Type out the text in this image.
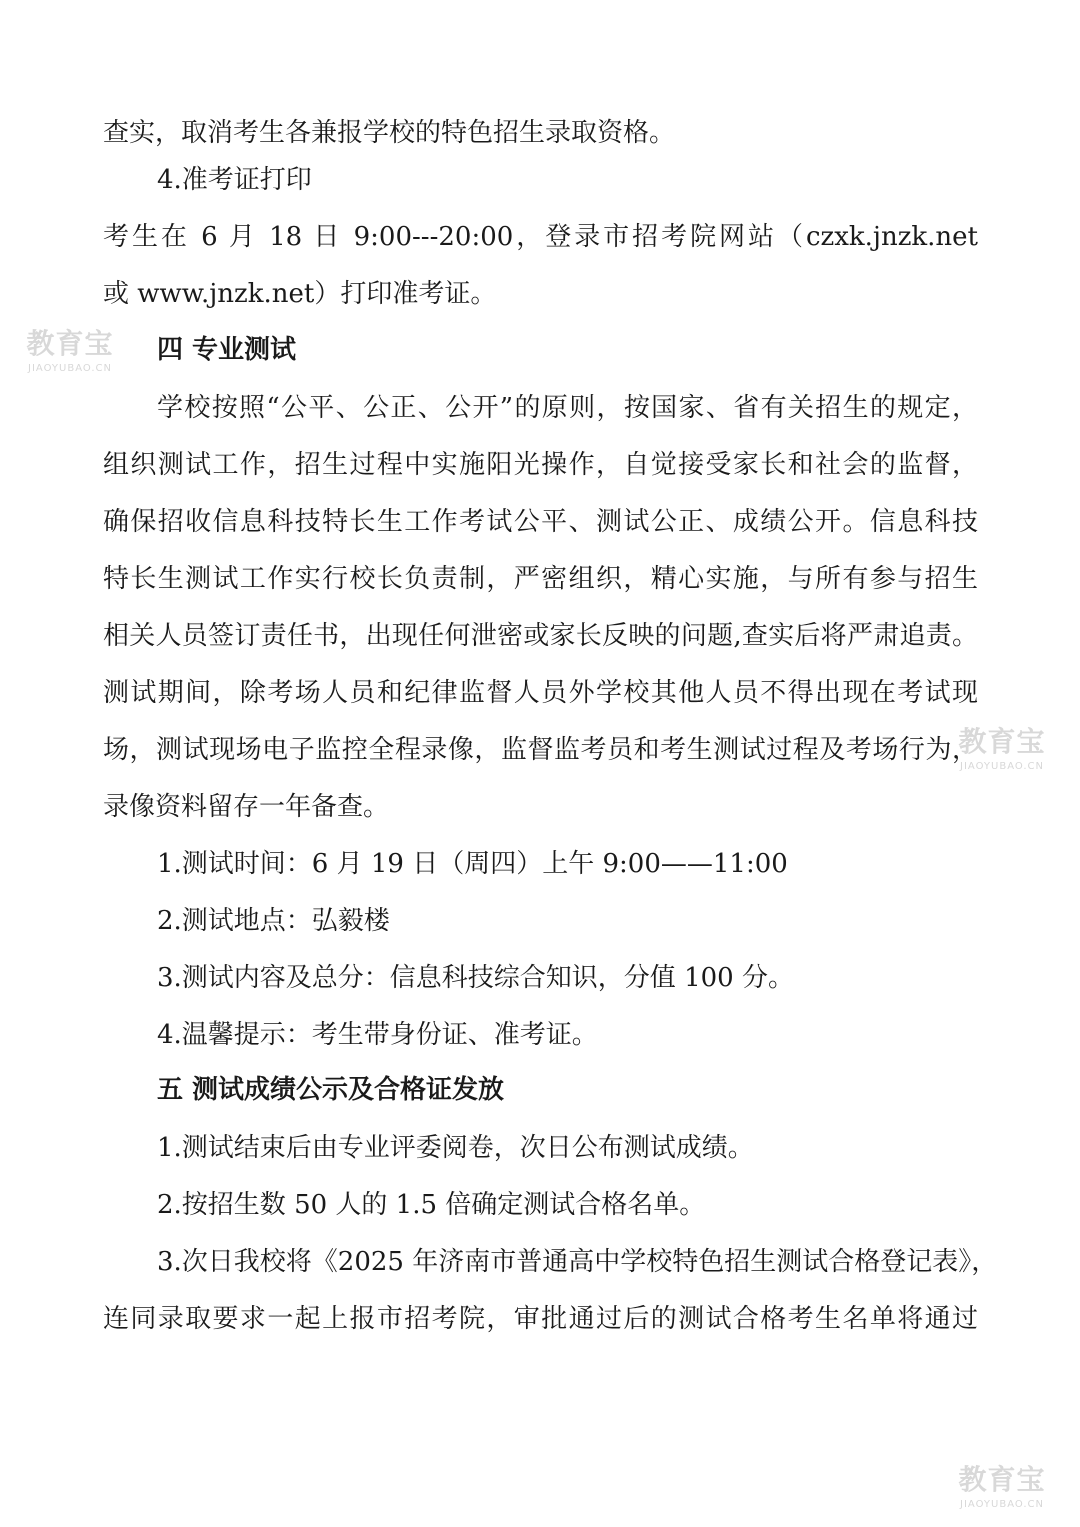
查实，取消考生各兼报学校的特色招生录取资格。
4.准考证打印
考生在 6 月 18 日 9:00---20:00，登录市招考院网站（czxk.jnzk.net
或 www.jnzk.net）打印准考证。
四 专业测试
学校按照“公平、公正、公开”的原则，按国家、省有关招生的规定，
组织测试工作，招生过程中实施阳光操作，自觉接受家长和社会的监督，
确保招收信息科技特长生工作考试公平、测试公正、成绩公开。信息科技
特长生测试工作实行校长负责制，严密组织，精心实施，与所有参与招生
相关人员签订责任书，出现任何泄密或家长反映的问题,查实后将严肃追责。
测试期间，除考场人员和纪律监督人员外学校其他人员不得出现在考试现
场，测试现场电子监控全程录像，监督监考员和考生测试过程及考场行为，
录像资料留存一年备查。
1.测试时间：6 月 19 日（周四）上午 9:00——11:00
2.测试地点：弘毅楼
3.测试内容及总分：信息科技综合知识，分值 100 分。
4.温馨提示：考生带身份证、准考证。
五 测试成绩公示及合格证发放
1.测试结束后由专业评委阅卷，次日公布测试成绩。
2.按招生数 50 人的 1.5 倍确定测试合格名单。
3.次日我校将《2025 年济南市普通高中学校特色招生测试合格登记表》，
连同录取要求一起上报市招考院，审批通过后的测试合格考生名单将通过
教育宝
JIAOYUBAO.CN
教育宝
JIAOYUBAO.CN
教育宝
JIAOYUBAO.CN
